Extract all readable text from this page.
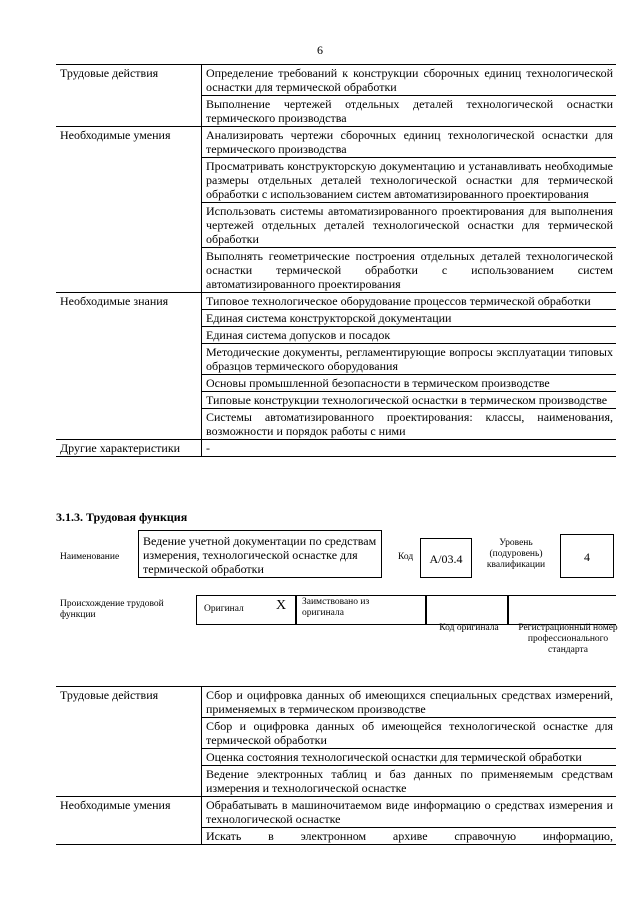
6
Трудовые действия	Определение требований к конструкции сборочных единиц технологической оснастки для термической обработки
	Выполнение чертежей отдельных деталей технологической оснастки термического производства
Необходимые умения	Анализировать чертежи сборочных единиц технологической оснастки для термического производства
	Просматривать конструкторскую документацию и устанавливать необходимые размеры отдельных деталей технологической оснастки для термической обработки с использованием систем автоматизированного проектирования
	Использовать системы автоматизированного проектирования для выполнения чертежей отдельных деталей технологической оснастки для термической обработки
	Выполнять геометрические построения отдельных деталей технологической оснастки термической обработки с использованием систем автоматизированного проектирования
Необходимые знания	Типовое технологическое оборудование процессов термической обработки
	Единая система конструкторской документации
	Единая система допусков и посадок
	Методические документы, регламентирующие вопросы эксплуатации типовых образцов термического оборудования
	Основы промышленной безопасности в термическом производстве
	Типовые конструкции технологической оснастки в термическом производстве
	Системы автоматизированного проектирования: классы, наименования, возможности и порядок работы с ними
Другие характеристики	-
3.1.3. Трудовая функция
Наименование
Ведение учетной документации по средствам измерения, технологической оснастке для термической обработки
Код	А/03.4
Уровень (подуровень) квалификации
4
Происхождение трудовой функции
Оригинал X Заимствовано из оригинала
Код оригинала	Регистрационный номер профессионального стандарта
Трудовые действия	Сбор и оцифровка данных об имеющихся специальных средствах измерений, применяемых в термическом производстве
	Сбор и оцифровка данных об имеющейся технологической оснастке для термической обработки
	Оценка состояния технологической оснастки для термической обработки
	Ведение электронных таблиц и баз данных по применяемым средствам измерения и технологической оснастке
Необходимые умения	Обрабатывать в машиночитаемом виде информацию о средствах измерения и технологической оснастке
	Искать в электронном архиве справочную информацию,
